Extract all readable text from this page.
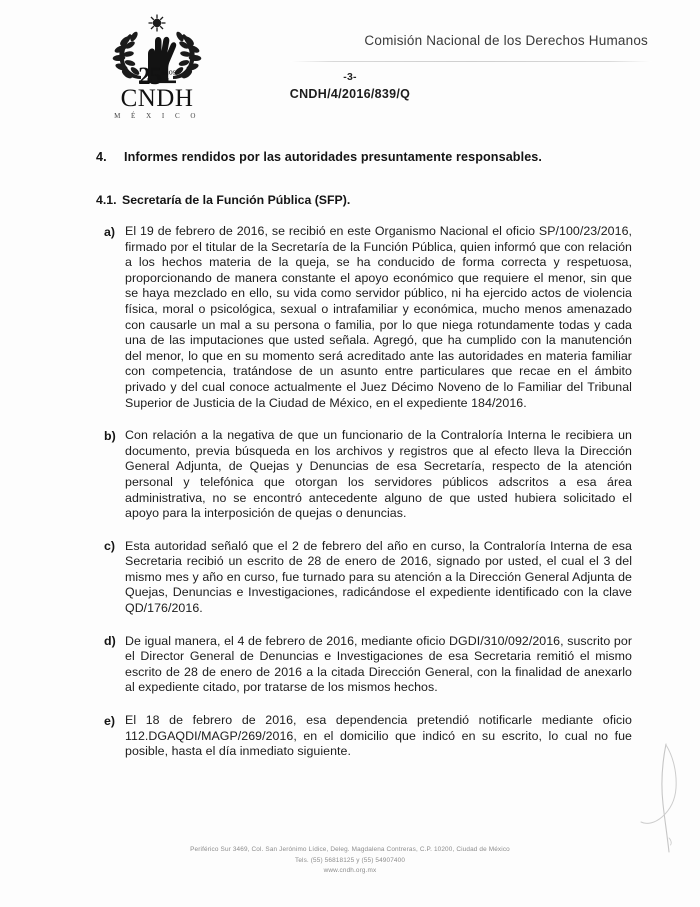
$25^{años}$
CNDH
M É X I C O
Comisión Nacional de los Derechos Humanos
-3-
CNDH/4/2016/839/Q
4.	Informes rendidos por las autoridades presuntamente responsables.
4.1. Secretaría de la Función Pública (SFP).
a) El 19 de febrero de 2016, se recibió en este Organismo Nacional el oficio SP/100/23/2016, firmado por el titular de la Secretaría de la Función Pública, quien informó que con relación a los hechos materia de la queja, se ha conducido de forma correcta y respetuosa, proporcionando de manera constante el apoyo económico que requiere el menor, sin que se haya mezclado en ello, su vida como servidor público, ni ha ejercido actos de violencia física, moral o psicológica, sexual o intrafamiliar y económica, mucho menos amenazado con causarle un mal a su persona o familia, por lo que niega rotundamente todas y cada una de las imputaciones que usted señala. Agregó, que ha cumplido con la manutención del menor, lo que en su momento será acreditado ante las autoridades en materia familiar con competencia, tratándose de un asunto entre particulares que recae en el ámbito privado y del cual conoce actualmente el Juez Décimo Noveno de lo Familiar del Tribunal Superior de Justicia de la Ciudad de México, en el expediente 184/2016.
b) Con relación a la negativa de que un funcionario de la Contraloría Interna le recibiera un documento, previa búsqueda en los archivos y registros que al efecto lleva la Dirección General Adjunta, de Quejas y Denuncias de esa Secretaría, respecto de la atención personal y telefónica que otorgan los servidores públicos adscritos a esa área administrativa, no se encontró antecedente alguno de que usted hubiera solicitado el apoyo para la interposición de quejas o denuncias.
c) Esta autoridad señaló que el 2 de febrero del año en curso, la Contraloría Interna de esa Secretaria recibió un escrito de 28 de enero de 2016, signado por usted, el cual el 3 del mismo mes y año en curso, fue turnado para su atención a la Dirección General Adjunta de Quejas, Denuncias e Investigaciones, radicándose el expediente identificado con la clave QD/176/2016.
d) De igual manera, el 4 de febrero de 2016, mediante oficio DGDI/310/092/2016, suscrito por el Director General de Denuncias e Investigaciones de esa Secretaria remitió el mismo escrito de 28 de enero de 2016 a la citada Dirección General, con la finalidad de anexarlo al expediente citado, por tratarse de los mismos hechos.
e) El 18 de febrero de 2016, esa dependencia pretendió notificarle mediante oficio 112.DGAQDI/MAGP/269/2016, en el domicilio que indicó en su escrito, lo cual no fue posible, hasta el día inmediato siguiente.
Periférico Sur 3469, Col. San Jerónimo Lídice, Deleg. Magdalena Contreras, C.P. 10200, Ciudad de México
Tels. (55) 56818125 y (55) 54907400
www.cndh.org.mx
